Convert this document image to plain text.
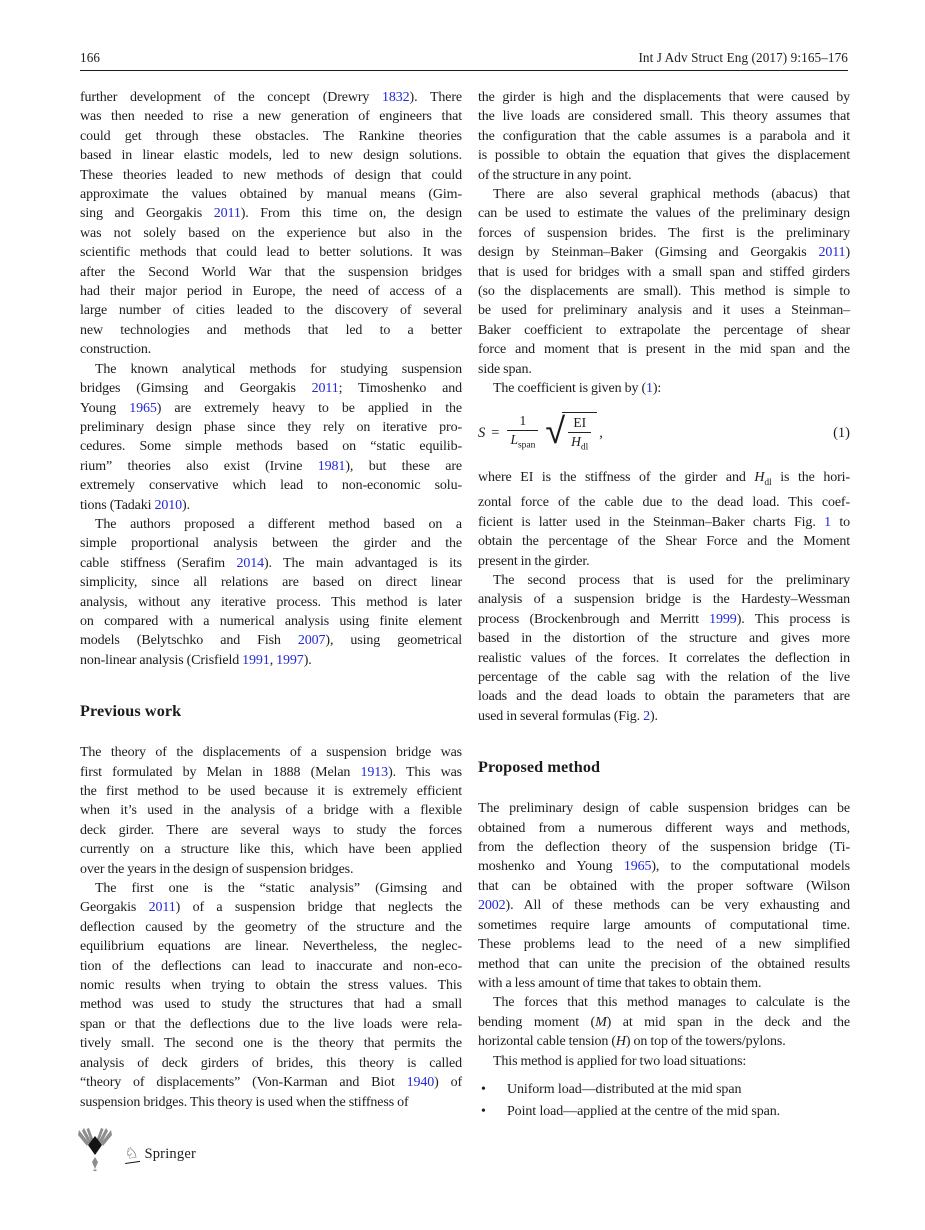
166	Int J Adv Struct Eng (2017) 9:165–176
further development of the concept (Drewry 1832). There
was then needed to rise a new generation of engineers that
could get through these obstacles. The Rankine theories
based in linear elastic models, led to new design solutions.
These theories leaded to new methods of design that could
approximate the values obtained by manual means (Gim-
sing and Georgakis 2011). From this time on, the design
was not solely based on the experience but also in the
scientific methods that could lead to better solutions. It was
after the Second World War that the suspension bridges
had their major period in Europe, the need of access of a
large number of cities leaded to the discovery of several
new technologies and methods that led to a better
construction.
The known analytical methods for studying suspension
bridges (Gimsing and Georgakis 2011; Timoshenko and
Young 1965) are extremely heavy to be applied in the
preliminary design phase since they rely on iterative pro-
cedures. Some simple methods based on “static equilib-
rium” theories also exist (Irvine 1981), but these are
extremely conservative which lead to non-economic solu-
tions (Tadaki 2010).
The authors proposed a different method based on a
simple proportional analysis between the girder and the
cable stiffness (Serafim 2014). The main advantaged is its
simplicity, since all relations are based on direct linear
analysis, without any iterative process. This method is later
on compared with a numerical analysis using finite element
models (Belytschko and Fish 2007), using geometrical
non-linear analysis (Crisfield 1991, 1997).
Previous work
The theory of the displacements of a suspension bridge was
first formulated by Melan in 1888 (Melan 1913). This was
the first method to be used because it is extremely efficient
when it’s used in the analysis of a bridge with a flexible
deck girder. There are several ways to study the forces
currently on a structure like this, which have been applied
over the years in the design of suspension bridges.
The first one is the “static analysis” (Gimsing and
Georgakis 2011) of a suspension bridge that neglects the
deflection caused by the geometry of the structure and the
equilibrium equations are linear. Nevertheless, the neglec-
tion of the deflections can lead to inaccurate and non-eco-
nomic results when trying to obtain the stress values. This
method was used to study the structures that had a small
span or that the deflections due to the live loads were rela-
tively small. The second one is the theory that permits the
analysis of deck girders of brides, this theory is called
“theory of displacements” (Von-Karman and Biot 1940) of
suspension bridges. This theory is used when the stiffness of
the girder is high and the displacements that were caused by
the live loads are considered small. This theory assumes that
the configuration that the cable assumes is a parabola and it
is possible to obtain the equation that gives the displacement
of the structure in any point.
There are also several graphical methods (abacus) that
can be used to estimate the values of the preliminary design
forces of suspension brides. The first is the preliminary
design by Steinman–Baker (Gimsing and Georgakis 2011)
that is used for bridges with a small span and stiffed girders
(so the displacements are small). This method is simple to
be used for preliminary analysis and it uses a Steinman–
Baker coefficient to extrapolate the percentage of shear
force and moment that is present in the mid span and the
side span.
The coefficient is given by (1):
$S = \frac{1}{L_{span}}$ √ $\frac{EI}{H_{dl}}$ ,	(1)
where EI is the stiffness of the girder and $H_{dl}$ is the hori-
zontal force of the cable due to the dead load. This coef-
ficient is latter used in the Steinman–Baker charts Fig. 1 to
obtain the percentage of the Shear Force and the Moment
present in the girder.
The second process that is used for the preliminary
analysis of a suspension bridge is the Hardesty–Wessman
process (Brockenbrough and Merritt 1999). This process is
based in the distortion of the structure and gives more
realistic values of the forces. It correlates the deflection in
percentage of the cable sag with the relation of the live
loads and the dead loads to obtain the parameters that are
used in several formulas (Fig. 2).
Proposed method
The preliminary design of cable suspension bridges can be
obtained from a numerous different ways and methods,
from the deflection theory of the suspension bridge (Ti-
moshenko and Young 1965), to the computational models
that can be obtained with the proper software (Wilson
2002). All of these methods can be very exhausting and
sometimes require large amounts of computational time.
These problems lead to the need of a new simplified
method that can unite the precision of the obtained results
with a less amount of time that takes to obtain them.
The forces that this method manages to calculate is the
bending moment (M) at mid span in the deck and the
horizontal cable tension (H) on top of the towers/pylons.
This method is applied for two load situations:
•	Uniform load—distributed at the mid span
•	Point load—applied at the centre of the mid span.
♘ Springer
